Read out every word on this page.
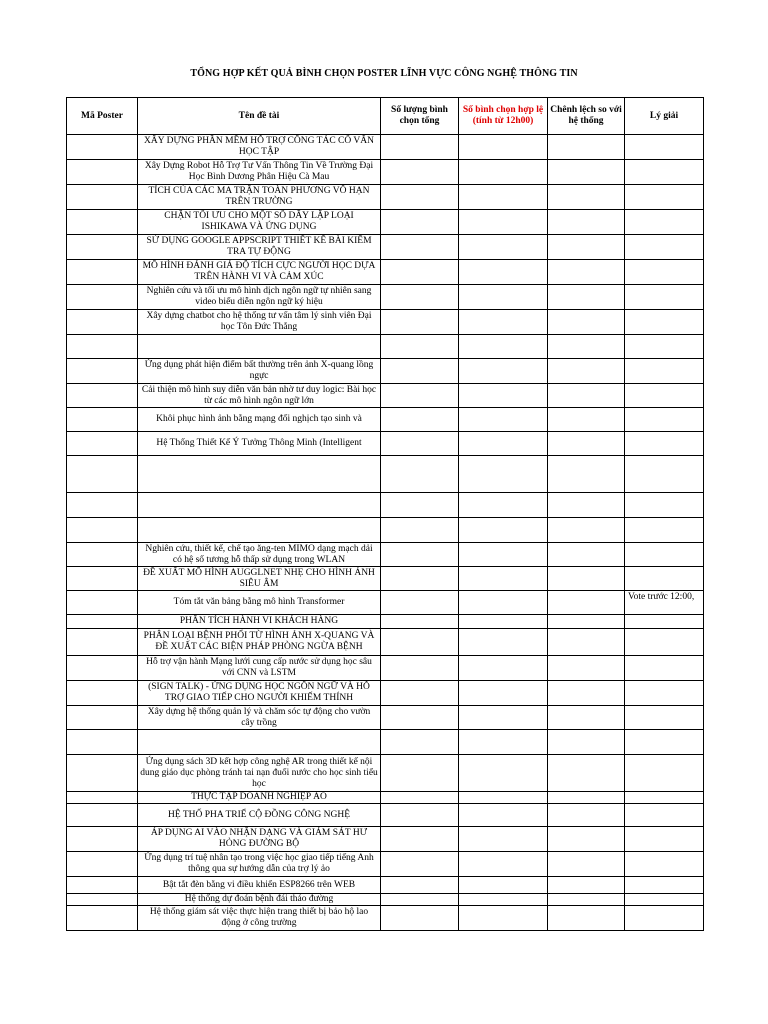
TỔNG HỢP KẾT QUẢ BÌNH CHỌN POSTER LĨNH VỰC CÔNG NGHỆ THÔNG TIN
Mã Poster	Tên đề tài	Số lượng bình chọn tổng	Số bình chọn hợp lệ (tính từ 12h00)	Chênh lệch so với hệ thống	Lý giải
	XÂY DỰNG PHẦN MỀM HỖ TRỢ CÔNG TÁC CỐ VẤN HỌC TẬP				
	Xây Dựng Robot Hỗ Trợ Tư Vấn Thông Tin Về Trường Đại Học Bình Dương Phân Hiệu Cà Mau				
	TÍCH CỦA CÁC MA TRẬN TOÀN PHƯƠNG VÔ HẠN TRÊN TRƯỜNG				
	CHẶN TỐI ƯU CHO MỘT SỐ DÃY LẶP LOẠI ISHIKAWA VÀ ỨNG DỤNG				
	SỬ DỤNG GOOGLE APPSCRIPT THIẾT KẾ BÀI KIỂM TRA TỰ ĐỘNG				
	MÔ HÌNH ĐÁNH GIÁ ĐỘ TÍCH CỰC NGƯỜI HỌC DỰA TRÊN HÀNH VI VÀ CẢM XÚC				
	Nghiên cứu và tối ưu mô hình dịch ngôn ngữ tự nhiên sang video biểu diễn ngôn ngữ ký hiệu				
	Xây dựng chatbot cho hệ thống tư vấn tâm lý sinh viên Đại học Tôn Đức Thắng				

	Ứng dụng phát hiện điểm bất thường trên ảnh X-quang lồng ngực				
	Cải thiện mô hình suy diễn văn bản nhờ tư duy logic: Bài học từ các mô hình ngôn ngữ lớn				
	Khôi phục hình ảnh bằng mạng đối nghịch tạo sinh và				
	Hệ Thống Thiết Kế Ý Tưởng Thông Minh (Intelligent				

	Nghiên cứu, thiết kế, chế tạo ăng-ten MIMO dạng mạch dải có hệ số tương hỗ thấp sử dụng trong WLAN				
	ĐỀ XUẤT MÔ HÌNH AUGGLNET NHẸ CHO HÌNH ẢNH SIÊU ÂM				
	Tóm tắt văn bảng bằng mô hình Transformer				Vote trước 12:00,
	PHÂN TÍCH HÀNH VI KHÁCH HÀNG				
	PHÂN LOẠI BỆNH PHỔI TỪ HÌNH ẢNH X-QUANG VÀ ĐỀ XUẤT CÁC BIỆN PHÁP PHÒNG NGỪA BỆNH				
	Hỗ trợ vận hành Mạng lưới cung cấp nước sử dụng học sâu với CNN và LSTM				
	(SIGN TALK) - ỨNG DỤNG HỌC NGÔN NGỮ VÀ HỖ TRỢ GIAO TIẾP CHO NGƯỜI KHIẾM THÍNH				
	Xây dựng hệ thống quản lý và chăm sóc tự động cho vườn cây trồng				

	Ứng dụng sách 3D kết hợp công nghệ AR trong thiết kế nội dung giáo dục phòng tránh tai nạn đuối nước cho học sinh tiểu học				
	THỰC TẬP DOANH NGHIỆP ẢO				
	HỆ THỐ PHA TRIỂ CỘ ĐỒNG CÔNG NGHỆ				
	ÁP DỤNG AI VÀO NHẬN DẠNG VÀ GIÁM SÁT HƯ HỎNG ĐƯỜNG BỘ				
	Ứng dụng trí tuệ nhân tạo trong việc học giao tiếp tiếng Anh thông qua sự hướng dẫn của trợ lý ảo				
	Bật tắt đèn bằng vi điều khiển ESP8266 trên WEB				
	Hệ thống dự đoán bệnh đái tháo đường				
	Hệ thống giám sát việc thực hiện trang thiết bị bảo hộ lao động ở công trường				
